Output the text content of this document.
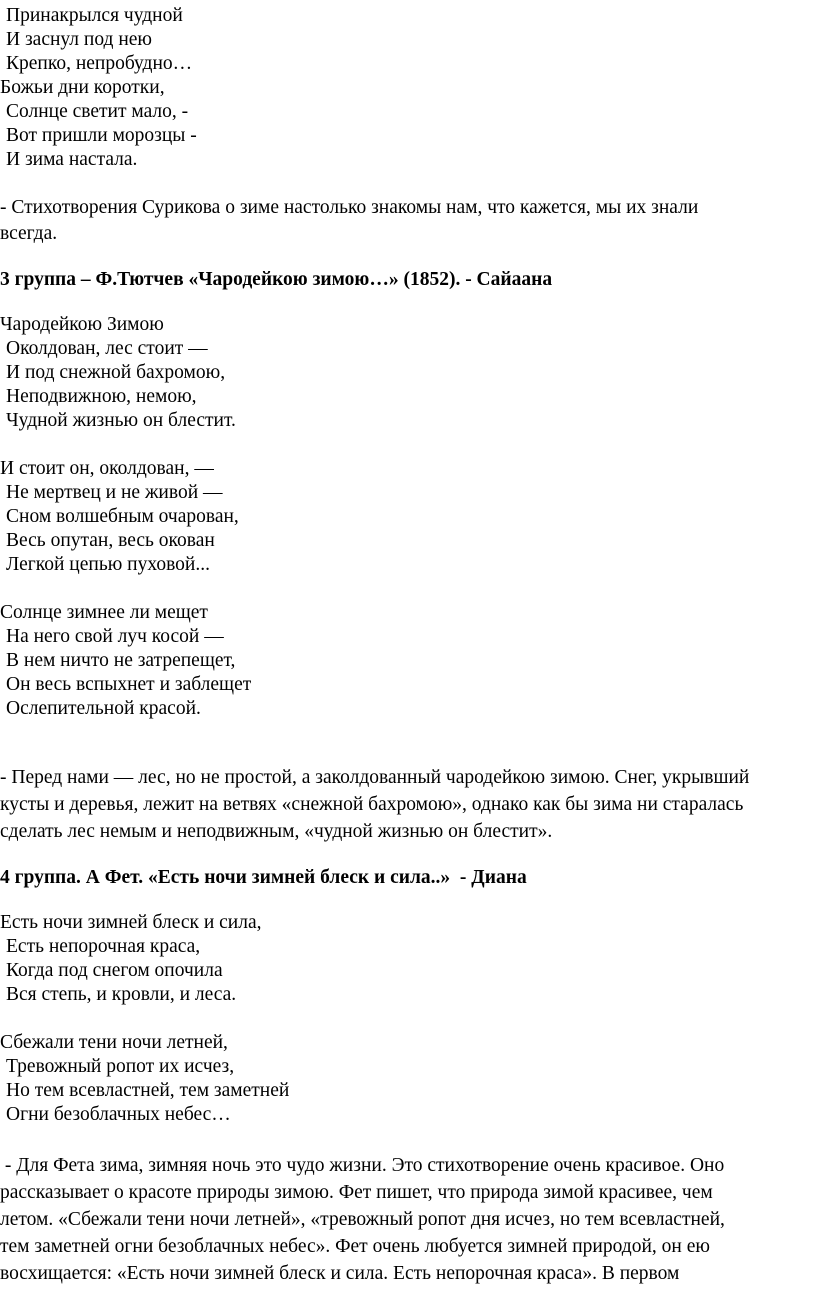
Принакрылся чудной

И заснул под нею

Крепко, непробудно…

Божьи дни коротки,

Солнце светит мало, -

Вот пришли морозцы -

И зима настала.

- Стихотворения Сурикова о зиме настолько знакомы нам, что кажется, мы их знали

всегда.

3 группа – Ф.Тютчев «Чародейкою зимою…» (1852). - Сайаана

Чародейкою Зимою

Околдован, лес стоит —

И под снежной бахромою,

Неподвижною, немою,

Чудной жизнью он блестит.

И стоит он, околдован, —

Не мертвец и не живой —

Сном волшебным очарован,

Весь опутан, весь окован

Легкой цепью пуховой...

Солнце зимнее ли мещет

На него свой луч косой —

В нем ничто не затрепещет,

Он весь вспыхнет и заблещет

Ослепительной красой.

- Перед нами — лес, но не простой, а заколдованный чародейкою зимою. Снег, укрывший

кусты и деревья, лежит на ветвях «снежной бахромою», однако как бы зима ни старалась

сделать лес немым и неподвижным, «чудной жизнью он блестит».

4 группа. А Фет. «Есть ночи зимней блеск и сила..»  - Диана

Есть ночи зимней блеск и сила,

Есть непорочная краса,

Когда под снегом опочила

Вся степь, и кровли, и леса.

Сбежали тени ночи летней,

Тревожный ропот их исчез,

Но тем всевластней, тем заметней

Огни безоблачных небес…

- Для Фета зима, зимняя ночь это чудо жизни. Это стихотворение очень красивое. Оно

рассказывает о красоте природы зимою. Фет пишет, что природа зимой красивее, чем

летом. «Сбежали тени ночи летней», «тревожный ропот дня исчез, но тем всевластней,

тем заметней огни безоблачных небес». Фет очень любуется зимней природой, он ею

восхищается: «Есть ночи зимней блеск и сила. Есть непорочная краса». В первом
